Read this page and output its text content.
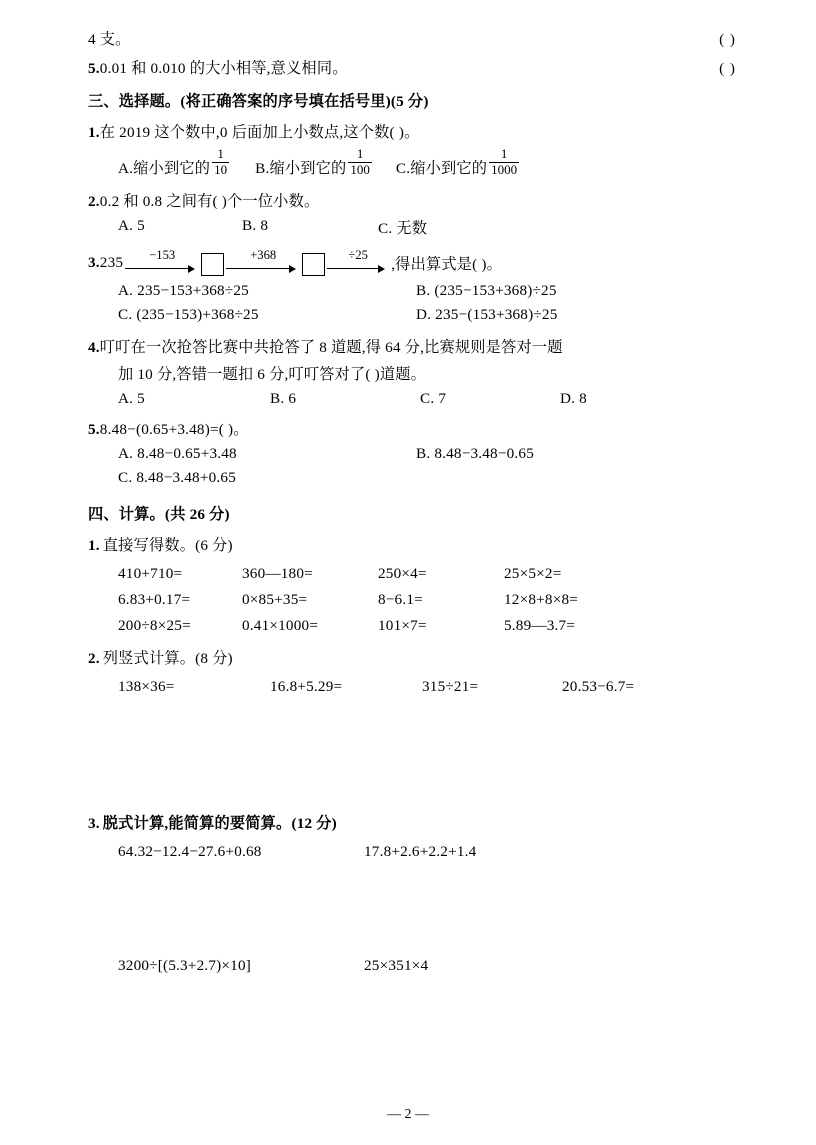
4 支。	( )
5. 0.01 和 0.010 的大小相等,意义相同。	( )
三、选择题。(将正确答案的序号填在括号里)(5 分)
1. 在 2019 这个数中,0 后面加上小数点,这个数( )。
A. 缩小到它的 $\frac{1}{10} B$. 缩小到它的 $\frac{1}{100} C$. 缩小到它的 $\frac{1}{1000}$
2. 0.2 和 0.8 之间有( )个一位小数。
A. 5	B. 8	C. 无数
3. 235	−153	+368	÷25
,得出算式是( )。
A. 235−153+368÷25	B. (235−153+368)÷25
C. (235−153)+368÷25	D. 235−(153+368)÷25
4. 叮叮在一次抢答比赛中共抢答了 8 道题,得 64 分,比赛规则是答对一题
加 10 分,答错一题扣 6 分,叮叮答对了( )道题。
A. 5	B. 6	C. 7	D. 8
5. 8.48−(0.65+3.48)=( )。
A. 8.48−0.65+3.48	B. 8.48−3.48−0.65
C. 8.48−3.48+0.65
四、计算。(共 26 分)
1. 直接写得数。(6 分)
410+710=	360—180=	250×4=	25×5×2=
6.83+0.17=	0×85+35=	8−6.1=	12×8+8×8=
200÷8×25=	0.41×1000=	101×7=	5.89—3.7=
2. 列竖式计算。(8 分)
138×36=	16.8+5.29=	315÷21=	20.53−6.7=
3. 脱式计算,能简算的要简算。(12 分)
64.32−12.4−27.6+0.68	17.8+2.6+2.2+1.4
3200÷[(5.3+2.7)×10]	25×351×4
— 2 —
